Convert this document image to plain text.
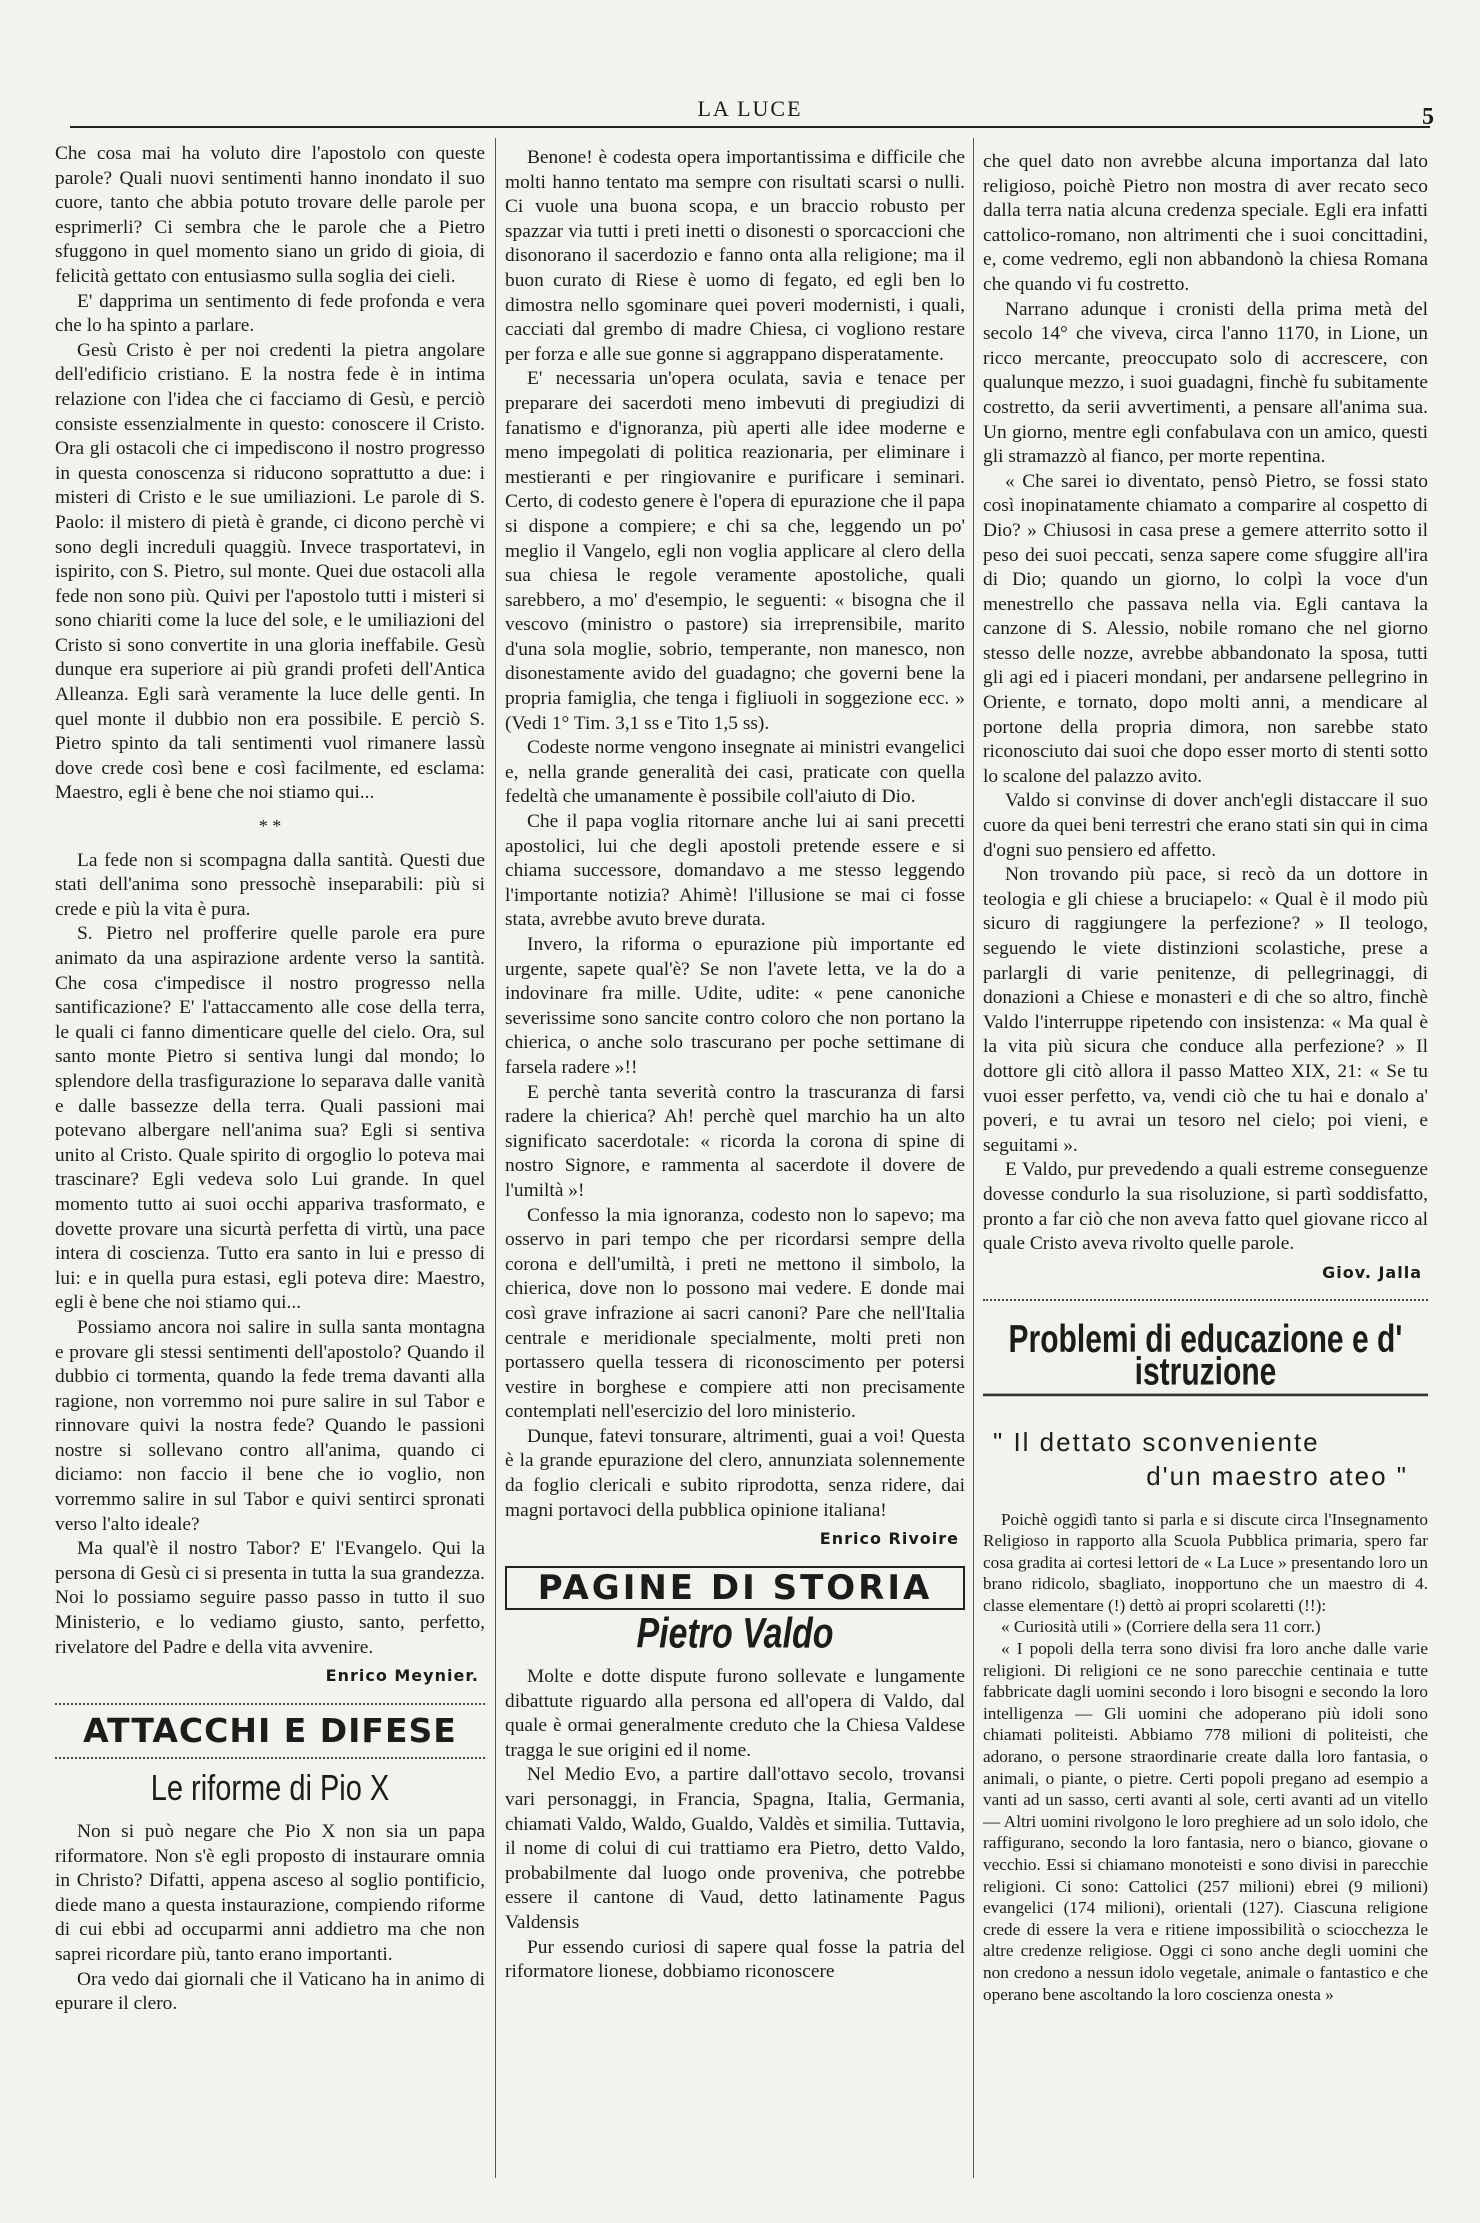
LA LUCE	5

Che cosa mai ha voluto dire l'apostolo con queste parole? Quali nuovi sentimenti hanno inondato il suo cuore, tanto che abbia potuto trovare delle parole per esprimerli? Ci sembra che le parole che a Pietro sfuggono in quel momento siano un grido di gioia, di felicità gettato con entusiasmo sulla soglia dei cieli.

E' dapprima un sentimento di fede profonda e vera che lo ha spinto a parlare.

Gesù Cristo è per noi credenti la pietra angolare dell'edificio cristiano. E la nostra fede è in intima relazione con l'idea che ci facciamo di Gesù, e perciò consiste essenzialmente in questo: conoscere il Cristo. Ora gli ostacoli che ci impediscono il nostro progresso in questa conoscenza si riducono soprattutto a due: i misteri di Cristo e le sue umiliazioni. Le parole di S. Paolo: il mistero di pietà è grande, ci dicono perchè vi sono degli increduli quaggiù. Invece trasportatevi, in ispirito, con S. Pietro, sul monte. Quei due ostacoli alla fede non sono più. Quivi per l'apostolo tutti i misteri si sono chiariti come la luce del sole, e le umiliazioni del Cristo si sono convertite in una gloria ineffabile. Gesù dunque era superiore ai più grandi profeti dell'Antica Alleanza. Egli sarà veramente la luce delle genti. In quel monte il dubbio non era possibile. E perciò S. Pietro spinto da tali sentimenti vuol rimanere lassù dove crede così bene e così facilmente, ed esclama: Maestro, egli è bene che noi stiamo qui...

* *

La fede non si scompagna dalla santità. Questi due stati dell'anima sono pressochè inseparabili: più si crede e più la vita è pura.

S. Pietro nel profferire quelle parole era pure animato da una aspirazione ardente verso la santità. Che cosa c'impedisce il nostro progresso nella santificazione? E' l'attaccamento alle cose della terra, le quali ci fanno dimenticare quelle del cielo. Ora, sul santo monte Pietro si sentiva lungi dal mondo; lo splendore della trasfigurazione lo separava dalle vanità e dalle bassezze della terra. Quali passioni mai potevano albergare nell'anima sua? Egli si sentiva unito al Cristo. Quale spirito di orgoglio lo poteva mai trascinare? Egli vedeva solo Lui grande. In quel momento tutto ai suoi occhi appariva trasformato, e dovette provare una sicurtà perfetta di virtù, una pace intera di coscienza. Tutto era santo in lui e presso di lui: e in quella pura estasi, egli poteva dire: Maestro, egli è bene che noi stiamo qui...

Possiamo ancora noi salire in sulla santa montagna e provare gli stessi sentimenti dell'apostolo? Quando il dubbio ci tormenta, quando la fede trema davanti alla ragione, non vorremmo noi pure salire in sul Tabor e rinnovare quivi la nostra fede? Quando le passioni nostre si sollevano contro all'anima, quando ci diciamo: non faccio il bene che io voglio, non vorremmo salire in sul Tabor e quivi sentirci spronati verso l'alto ideale?

Ma qual'è il nostro Tabor? E' l'Evangelo. Qui la persona di Gesù ci si presenta in tutta la sua grandezza. Noi lo possiamo seguire passo passo in tutto il suo Ministerio, e lo vediamo giusto, santo, perfetto, rivelatore del Padre e della vita avvenire.

Enrico Meynier.
ATTACCHI E DIFESE
Le riforme di Pio X

Non si può negare che Pio X non sia un papa riformatore. Non s'è egli proposto di instaurare omnia in Christo? Difatti, appena asceso al soglio pontificio, diede mano a questa instaurazione, compiendo riforme di cui ebbi ad occuparmi anni addietro ma che non saprei ricordare più, tanto erano importanti.

Ora vedo dai giornali che il Vaticano ha in animo di epurare il clero.

Benone! è codesta opera importantissima e difficile che molti hanno tentato ma sempre con risultati scarsi o nulli. Ci vuole una buona scopa, e un braccio robusto per spazzar via tutti i preti inetti o disonesti o sporcaccioni che disonorano il sacerdozio e fanno onta alla religione; ma il buon curato di Riese è uomo di fegato, ed egli ben lo dimostra nello sgominare quei poveri modernisti, i quali, cacciati dal grembo di madre Chiesa, ci vogliono restare per forza e alle sue gonne si aggrappano disperatamente.

E' necessaria un'opera oculata, savia e tenace per preparare dei sacerdoti meno imbevuti di pregiudizi di fanatismo e d'ignoranza, più aperti alle idee moderne e meno impegolati di politica reazionaria, per eliminare i mestieranti e per ringiovanire e purificare i seminari. Certo, di codesto genere è l'opera di epurazione che il papa si dispone a compiere; e chi sa che, leggendo un po' meglio il Vangelo, egli non voglia applicare al clero della sua chiesa le regole veramente apostoliche, quali sarebbero, a mo' d'esempio, le seguenti: « bisogna che il vescovo (ministro o pastore) sia irreprensibile, marito d'una sola moglie, sobrio, temperante, non manesco, non disonestamente avido del guadagno; che governi bene la propria famiglia, che tenga i figliuoli in soggezione ecc. » (Vedi 1° Tim. 3,1 ss e Tito 1,5 ss).

Codeste norme vengono insegnate ai ministri evangelici e, nella grande generalità dei casi, praticate con quella fedeltà che umanamente è possibile coll'aiuto di Dio.

Che il papa voglia ritornare anche lui ai sani precetti apostolici, lui che degli apostoli pretende essere e si chiama successore, domandavo a me stesso leggendo l'importante notizia? Ahimè! l'illusione se mai ci fosse stata, avrebbe avuto breve durata.

Invero, la riforma o epurazione più importante ed urgente, sapete qual'è? Se non l'avete letta, ve la do a indovinare fra mille. Udite, udite: « pene canoniche severissime sono sancite contro coloro che non portano la chierica, o anche solo trascurano per poche settimane di farsela radere »!!

E perchè tanta severità contro la trascuranza di farsi radere la chierica? Ah! perchè quel marchio ha un alto significato sacerdotale: « ricorda la corona di spine di nostro Signore, e rammenta al sacerdote il dovere de l'umiltà »!

Confesso la mia ignoranza, codesto non lo sapevo; ma osservo in pari tempo che per ricordarsi sempre della corona e dell'umiltà, i preti ne mettono il simbolo, la chierica, dove non lo possono mai vedere. E donde mai così grave infrazione ai sacri canoni? Pare che nell'Italia centrale e meridionale specialmente, molti preti non portassero quella tessera di riconoscimento per potersi vestire in borghese e compiere atti non precisamente contemplati nell'esercizio del loro ministerio.

Dunque, fatevi tonsurare, altrimenti, guai a voi! Questa è la grande epurazione del clero, annunziata solennemente da foglio clericali e subito riprodotta, senza ridere, dai magni portavoci della pubblica opinione italiana!

Enrico Rivoire
PAGINE DI STORIA
Pietro Valdo

Molte e dotte dispute furono sollevate e lungamente dibattute riguardo alla persona ed all'opera di Valdo, dal quale è ormai generalmente creduto che la Chiesa Valdese tragga le sue origini ed il nome.

Nel Medio Evo, a partire dall'ottavo secolo, trovansi vari personaggi, in Francia, Spagna, Italia, Germania, chiamati Valdo, Waldo, Gualdo, Valdès et similia. Tuttavia, il nome di colui di cui trattiamo era Pietro, detto Valdo, probabilmente dal luogo onde proveniva, che potrebbe essere il cantone di Vaud, detto latinamente Pagus Valdensis

Pur essendo curiosi di sapere qual fosse la patria del riformatore lionese, dobbiamo riconoscere

che quel dato non avrebbe alcuna importanza dal lato religioso, poichè Pietro non mostra di aver recato seco dalla terra natia alcuna credenza speciale. Egli era infatti cattolico-romano, non altrimenti che i suoi concittadini, e, come vedremo, egli non abbandonò la chiesa Romana che quando vi fu costretto.

Narrano adunque i cronisti della prima metà del secolo 14° che viveva, circa l'anno 1170, in Lione, un ricco mercante, preoccupato solo di accrescere, con qualunque mezzo, i suoi guadagni, finchè fu subitamente costretto, da serii avvertimenti, a pensare all'anima sua. Un giorno, mentre egli confabulava con un amico, questi gli stramazzò al fianco, per morte repentina.

« Che sarei io diventato, pensò Pietro, se fossi stato così inopinatamente chiamato a comparire al cospetto di Dio? » Chiusosi in casa prese a gemere atterrito sotto il peso dei suoi peccati, senza sapere come sfuggire all'ira di Dio; quando un giorno, lo colpì la voce d'un menestrello che passava nella via. Egli cantava la canzone di S. Alessio, nobile romano che nel giorno stesso delle nozze, avrebbe abbandonato la sposa, tutti gli agi ed i piaceri mondani, per andarsene pellegrino in Oriente, e tornato, dopo molti anni, a mendicare al portone della propria dimora, non sarebbe stato riconosciuto dai suoi che dopo esser morto di stenti sotto lo scalone del palazzo avito.

Valdo si convinse di dover anch'egli distaccare il suo cuore da quei beni terrestri che erano stati sin qui in cima d'ogni suo pensiero ed affetto.

Non trovando più pace, si recò da un dottore in teologia e gli chiese a bruciapelo: « Qual è il modo più sicuro di raggiungere la perfezione? » Il teologo, seguendo le viete distinzioni scolastiche, prese a parlargli di varie penitenze, di pellegrinaggi, di donazioni a Chiese e monasteri e di che so altro, finchè Valdo l'interruppe ripetendo con insistenza: « Ma qual è la vita più sicura che conduce alla perfezione? » Il dottore gli citò allora il passo Matteo XIX, 21: « Se tu vuoi esser perfetto, va, vendi ciò che tu hai e donalo a' poveri, e tu avrai un tesoro nel cielo; poi vieni, e seguitami ».

E Valdo, pur prevedendo a quali estreme conseguenze dovesse condurlo la sua risoluzione, si partì soddisfatto, pronto a far ciò che non aveva fatto quel giovane ricco al quale Cristo aveva rivolto quelle parole.

Giov. Jalla
Problemi di educazione e d' istruzione
" Il dettato sconveniente
d'un maestro ateo "

Poichè oggidì tanto si parla e si discute circa l'Insegnamento Religioso in rapporto alla Scuola Pubblica primaria, spero far cosa gradita ai cortesi lettori de « La Luce » presentando loro un brano ridicolo, sbagliato, inopportuno che un maestro di 4. classe elementare (!) dettò ai propri scolaretti (!!):

« Curiosità utili » (Corriere della sera 11 corr.)

« I popoli della terra sono divisi fra loro anche dalle varie religioni. Di religioni ce ne sono parecchie centinaia e tutte fabbricate dagli uomini secondo i loro bisogni e secondo la loro intelligenza — Gli uomini che adoperano più idoli sono chiamati politeisti. Abbiamo 778 milioni di politeisti, che adorano, o persone straordinarie create dalla loro fantasia, o animali, o piante, o pietre. Certi popoli pregano ad esempio a vanti ad un sasso, certi avanti al sole, certi avanti ad un vitello — Altri uomini rivolgono le loro preghiere ad un solo idolo, che raffigurano, secondo la loro fantasia, nero o bianco, giovane o vecchio. Essi si chiamano monoteisti e sono divisi in parecchie religioni. Ci sono: Cattolici (257 milioni) ebrei (9 milioni) evangelici (174 milioni), orientali (127). Ciascuna religione crede di essere la vera e ritiene impossibilità o sciocchezza le altre credenze religiose. Oggi ci sono anche degli uomini che non credono a nessun idolo vegetale, animale o fantastico e che operano bene ascoltando la loro coscienza onesta »
